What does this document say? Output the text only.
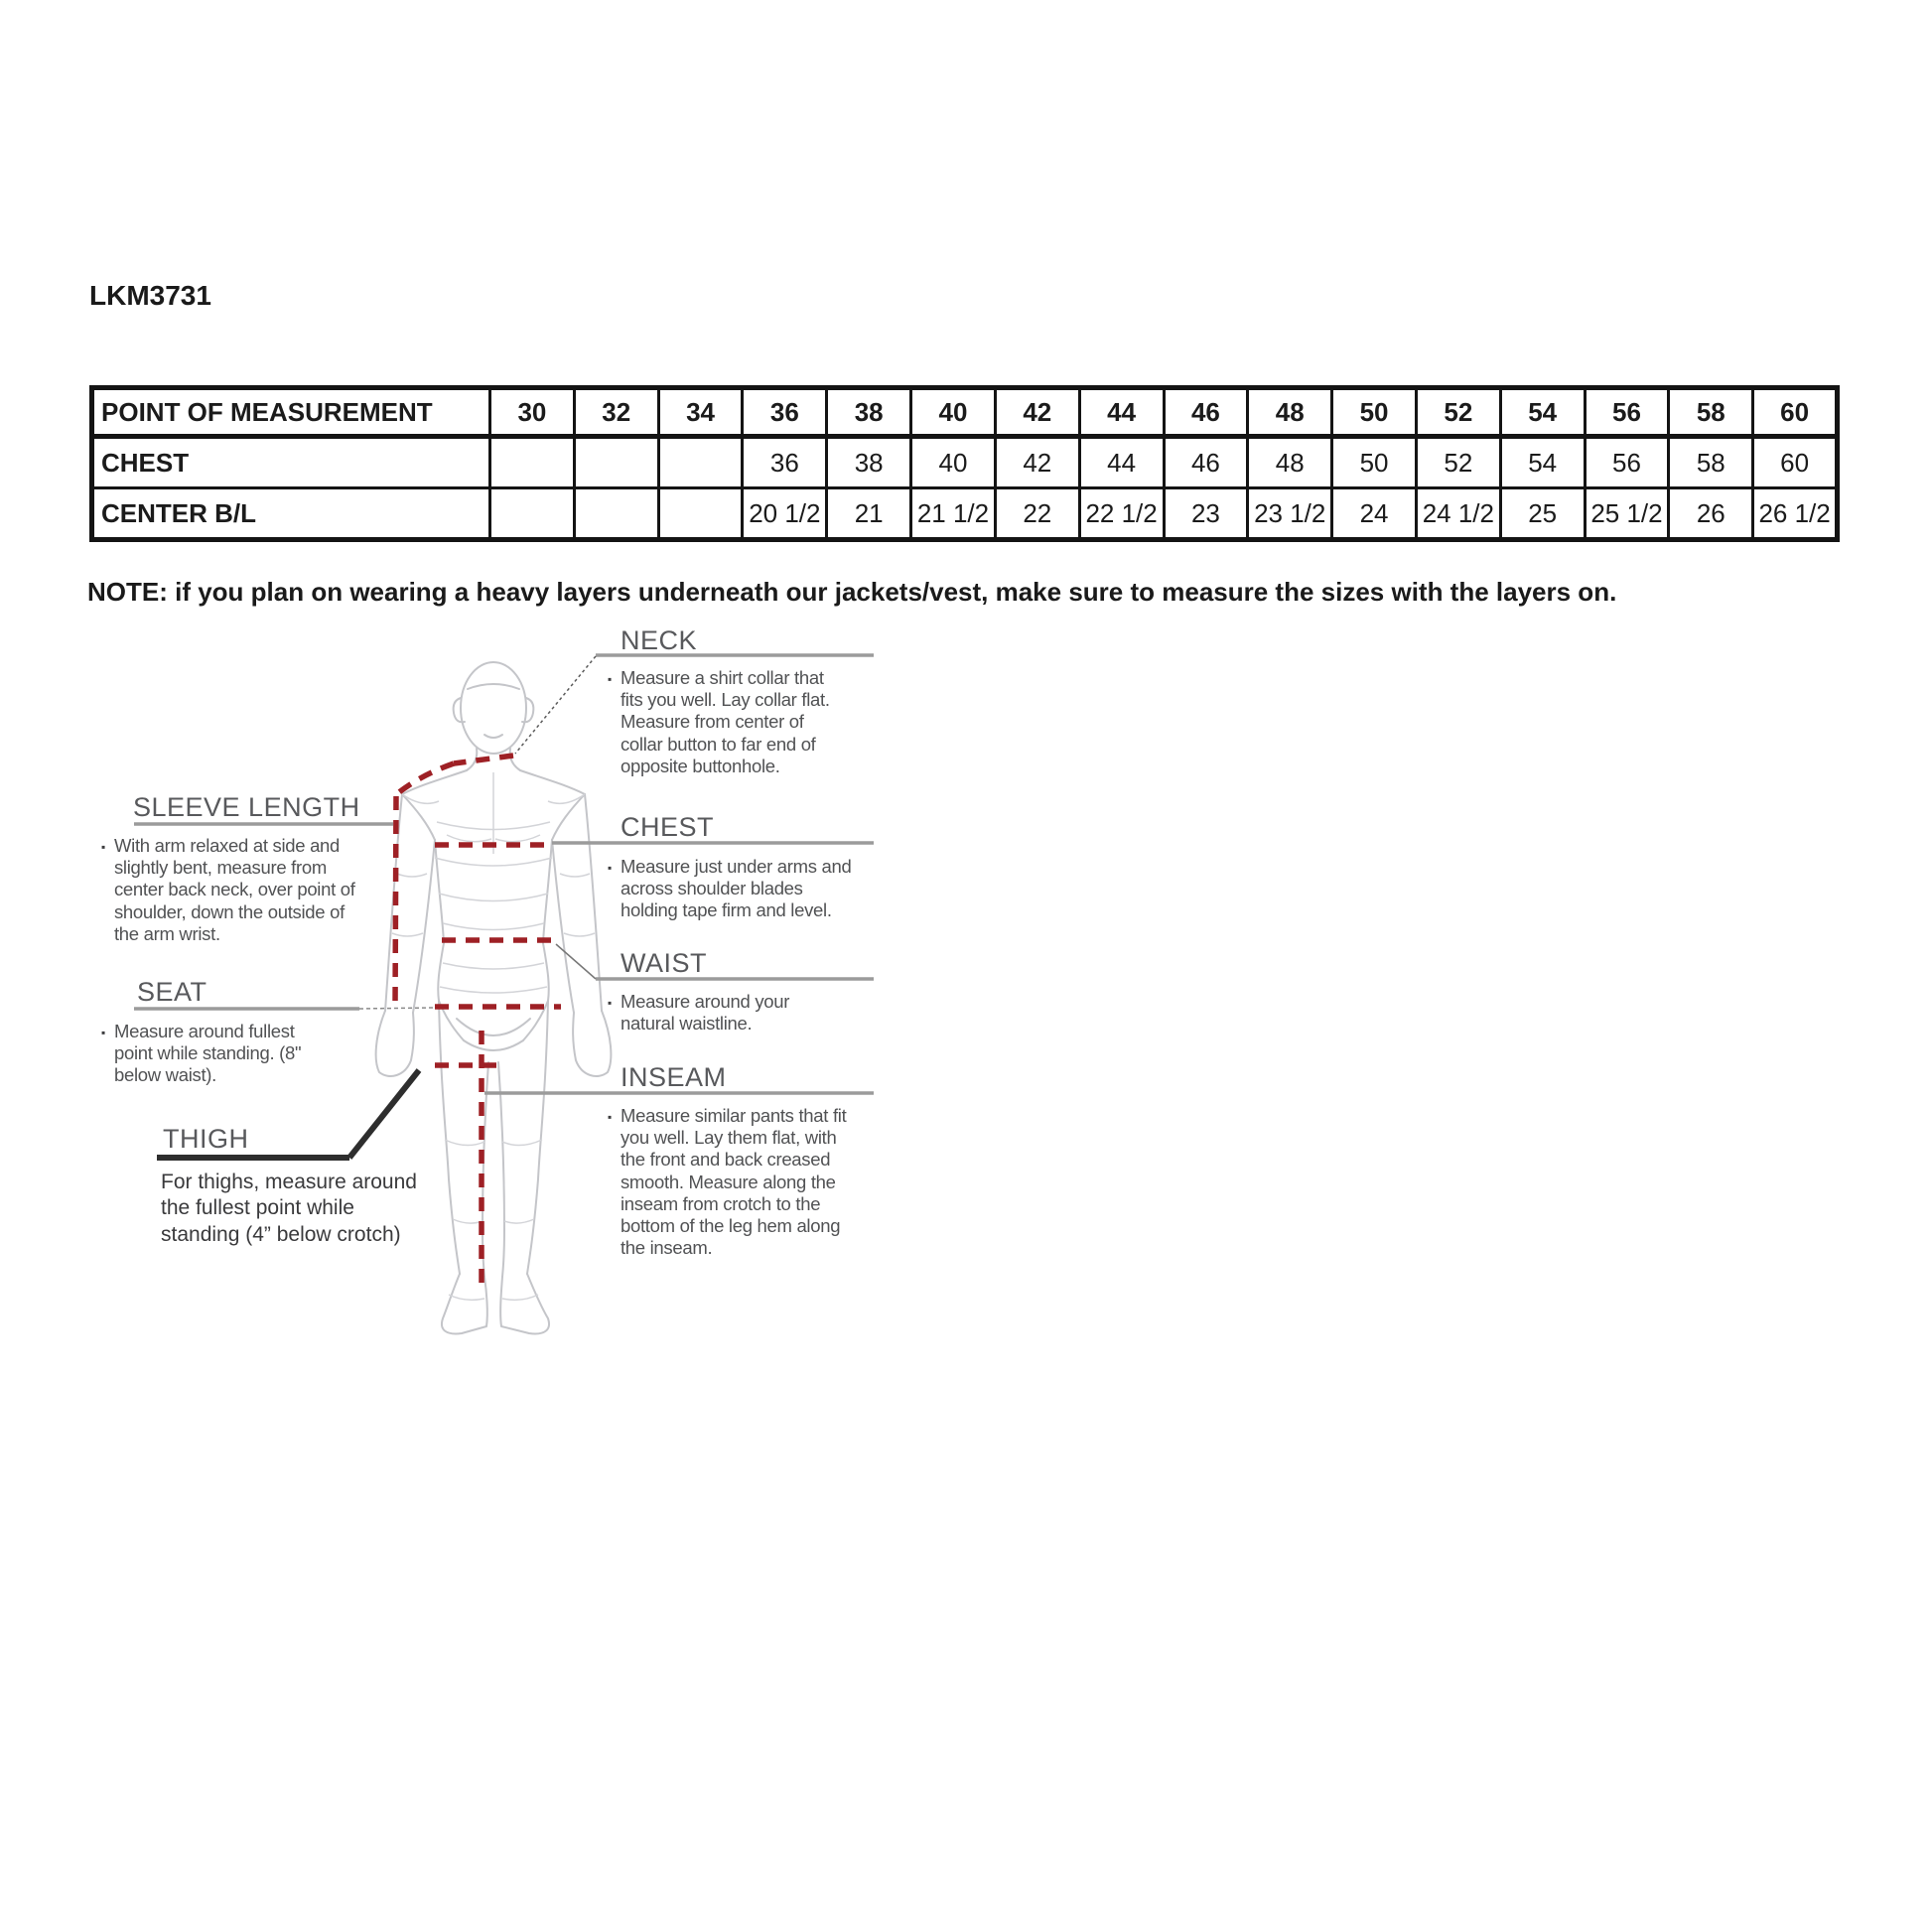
LKM3731
POINT OF MEASUREMENT	30	32	34	36	38	40	42	44	46	48	50	52	54	56	58	60
CHEST				36	38	40	42	44	46	48	50	52	54	56	58	60
CENTER B/L				20 1/2	21	21 1/2	22	22 1/2	23	23 1/2	24	24 1/2	25	25 1/2	26	26 1/2
NOTE: if you plan on wearing a heavy layers underneath our jackets/vest, make sure to measure the sizes with the layers on.
NECK
▪ Measure a shirt collar that fits you well. Lay collar flat. Measure from center of collar button to far end of opposite buttonhole.
CHEST
▪ Measure just under arms and across shoulder blades holding tape firm and level.
WAIST
▪ Measure around your natural waistline.
INSEAM
▪ Measure similar pants that fit you well. Lay them flat, with the front and back creased smooth. Measure along the inseam from crotch to the bottom of the leg hem along the inseam.
SLEEVE LENGTH
▪ With arm relaxed at side and slightly bent, measure from center back neck, over point of shoulder, down the outside of the arm wrist.
SEAT
▪ Measure around fullest point while standing. (8" below waist).
THIGH
For thighs, measure around the fullest point while standing (4” below crotch)
